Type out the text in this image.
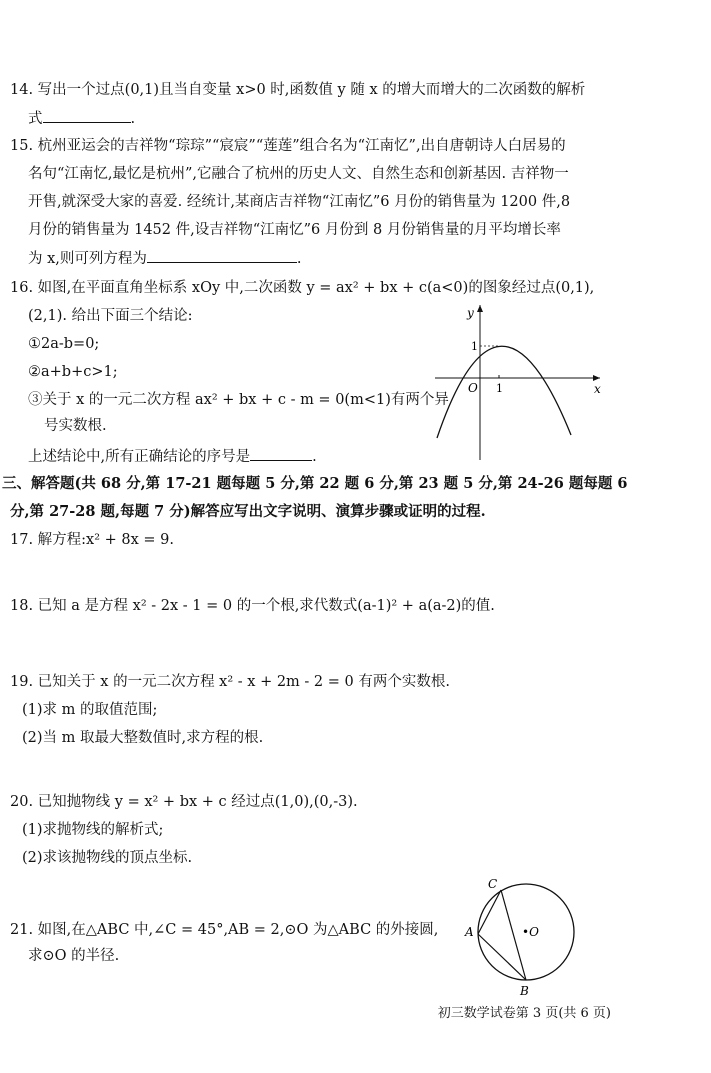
14. 写出一个过点(0,1)且当自变量 x>0 时,函数值 y 随 x 的增大而增大的二次函数的解析
式	.
15. 杭州亚运会的吉祥物“琮琮”“宸宸”“莲莲”组合名为“江南忆”,出自唐朝诗人白居易的
名句“江南忆,最忆是杭州”,它融合了杭州的历史人文、自然生态和创新基因. 吉祥物一
开售,就深受大家的喜爱. 经统计,某商店吉祥物“江南忆”6 月份的销售量为 1200 件,8
月份的销售量为 1452 件,设吉祥物“江南忆”6 月份到 8 月份销售量的月平均增长率
为 x,则可列方程为	.
16. 如图,在平面直角坐标系 xOy 中,二次函数 y = ax² + bx + c(a<0)的图象经过点(0,1),
(2,1). 给出下面三个结论:
①2a-b=0;
②a+b+c>1;
③关于 x 的一元二次方程 ax² + bx + c - m = 0(m<1)有两个异
号实数根.
上述结论中,所有正确结论的序号是	.
y
x
O 1
1
三、解答题(共 68 分,第 17-21 题每题 5 分,第 22 题 6 分,第 23 题 5 分,第 24-26 题每题 6
分,第 27-28 题,每题 7 分)解答应写出文字说明、演算步骤或证明的过程.
17. 解方程:x² + 8x = 9.
18. 已知 a 是方程 x² - 2x - 1 = 0 的一个根,求代数式(a-1)² + a(a-2)的值.
19. 已知关于 x 的一元二次方程 x² - x + 2m - 2 = 0 有两个实数根.
(1)求 m 的取值范围;
(2)当 m 取最大整数值时,求方程的根.
20. 已知抛物线 y = x² + bx + c 经过点(1,0),(0,-3).
(1)求抛物线的解析式;
(2)求该抛物线的顶点坐标.
21. 如图,在△ABC 中,∠C = 45°,AB = 2,⊙O 为△ABC 的外接圆,
求⊙O 的半径.
C
A
B
•O
初三数学试卷第 3 页(共 6 页)
